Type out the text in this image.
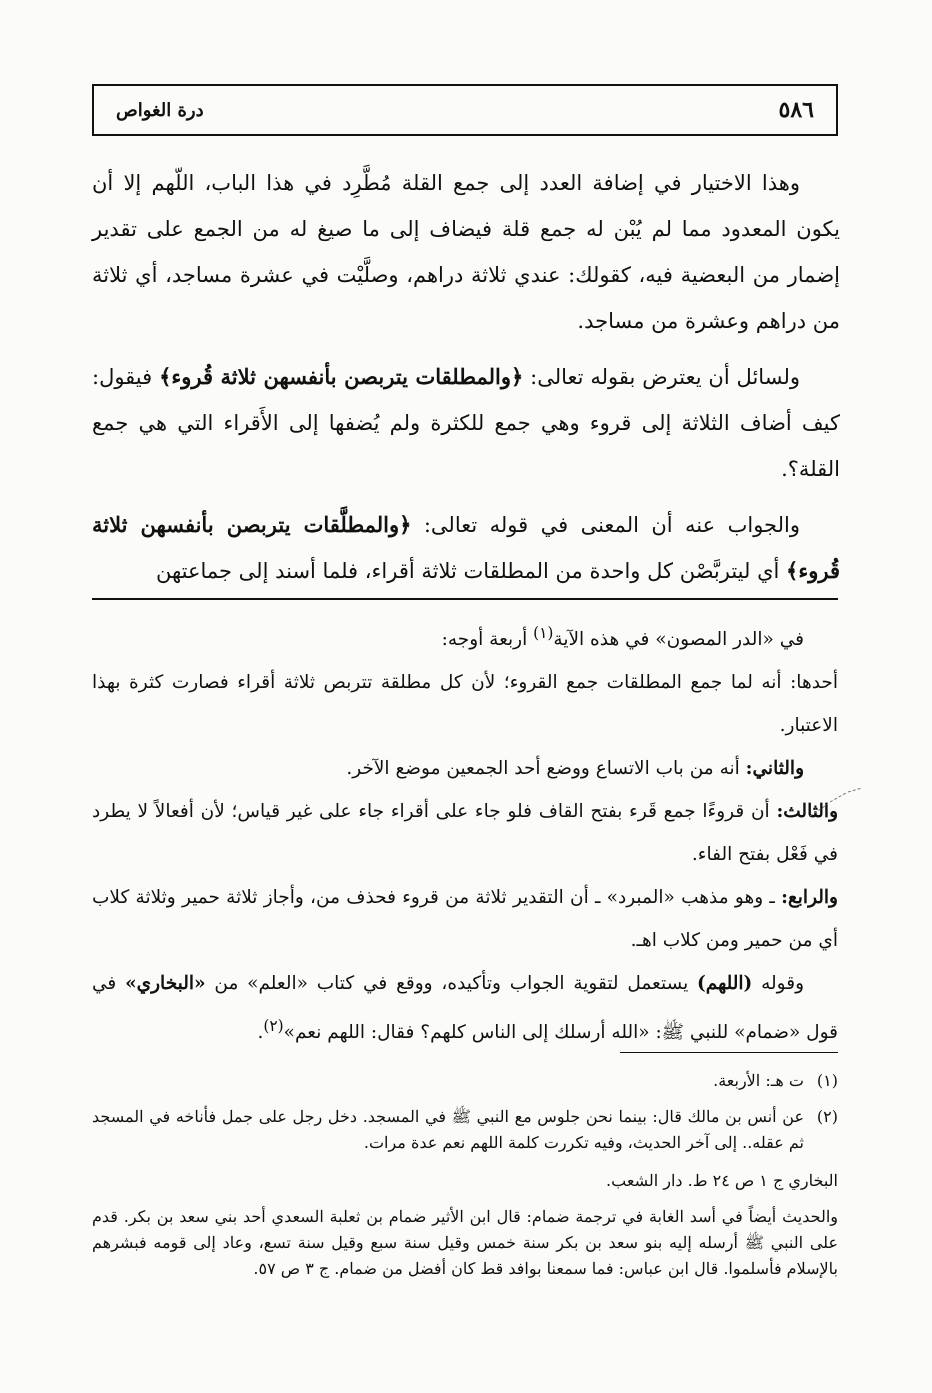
٥٨٦
درة الغواص

وهذا الاختيار في إضافة العدد إلى جمع القلة مُطَّرِد في هذا الباب، اللّهم إلا أن يكون المعدود مما لم يُبْن له جمع قلة فيضاف إلى ما صيغ له من الجمع على تقدير إضمار من البعضية فيه، كقولك: عندي ثلاثة دراهم، وصلَّيْت في عشرة مساجد، أي ثلاثة من دراهم وعشرة من مساجد.

ولسائل أن يعترض بقوله تعالى: ﴿والمطلقات يتربصن بأنفسهن ثلاثة قُروء﴾ فيقول: كيف أضاف الثلاثة إلى قروء وهي جمع للكثرة ولم يُضفها إلى الأَقراء التي هي جمع القلة؟.

والجواب عنه أن المعنى في قوله تعالى: ﴿والمطلَّقات يتربصن بأنفسهن ثلاثة قُروء﴾ أي ليتربَّصْن كل واحدة من المطلقات ثلاثة أقراء، فلما أسند إلى جماعتهن

في «الدر المصون» في هذه الآية$^{(١)}$ أربعة أوجه:

أحدها: أنه لما جمع المطلقات جمع القروء؛ لأن كل مطلقة تتربص ثلاثة أقراء فصارت كثرة بهذا الاعتبار.

والثاني: أنه من باب الاتساع ووضع أحد الجمعين موضع الآخر.

والثالث: أن قروءًا جمع قَرء بفتح القاف فلو جاء على أقراء جاء على غير قياس؛ لأن أفعالاً لا يطرد في فَعْل بفتح الفاء.

والرابع: ـ وهو مذهب «المبرد» ـ أن التقدير ثلاثة من قروء فحذف من، وأجاز ثلاثة حمير وثلاثة كلاب أي من حمير ومن كلاب اهـ.

وقوله (اللهم) يستعمل لتقوية الجواب وتأكيده، ووقع في كتاب «العلم» من «البخاري» في قول «ضمام» للنبي ﷺ: «الله أرسلك إلى الناس كلهم؟ فقال: اللهم نعم»$^{(٢)}$.

(١)
ت هـ: الأربعة.
(٢)
عن أنس بن مالك قال: بينما نحن جلوس مع النبي ﷺ في المسجد. دخل رجل على جمل فأناخه في المسجد ثم عقله.. إلى آخر الحديث، وفيه تكررت كلمة اللهم نعم عدة مرات.

البخاري ج ١ ص ٢٤ ط. دار الشعب.

والحديث أيضاً في أسد الغابة في ترجمة ضمام: قال ابن الأثير ضمام بن ثعلبة السعدي أحد بني سعد بن بكر. قدم على النبي ﷺ أرسله إليه بنو سعد بن بكر سنة خمس وقيل سنة سبع وقيل سنة تسع، وعاد إلى قومه فبشرهم بالإسلام فأسلموا. قال ابن عباس: فما سمعنا بوافد قط كان أفضل من ضمام. ج ٣ ص ٥٧.
